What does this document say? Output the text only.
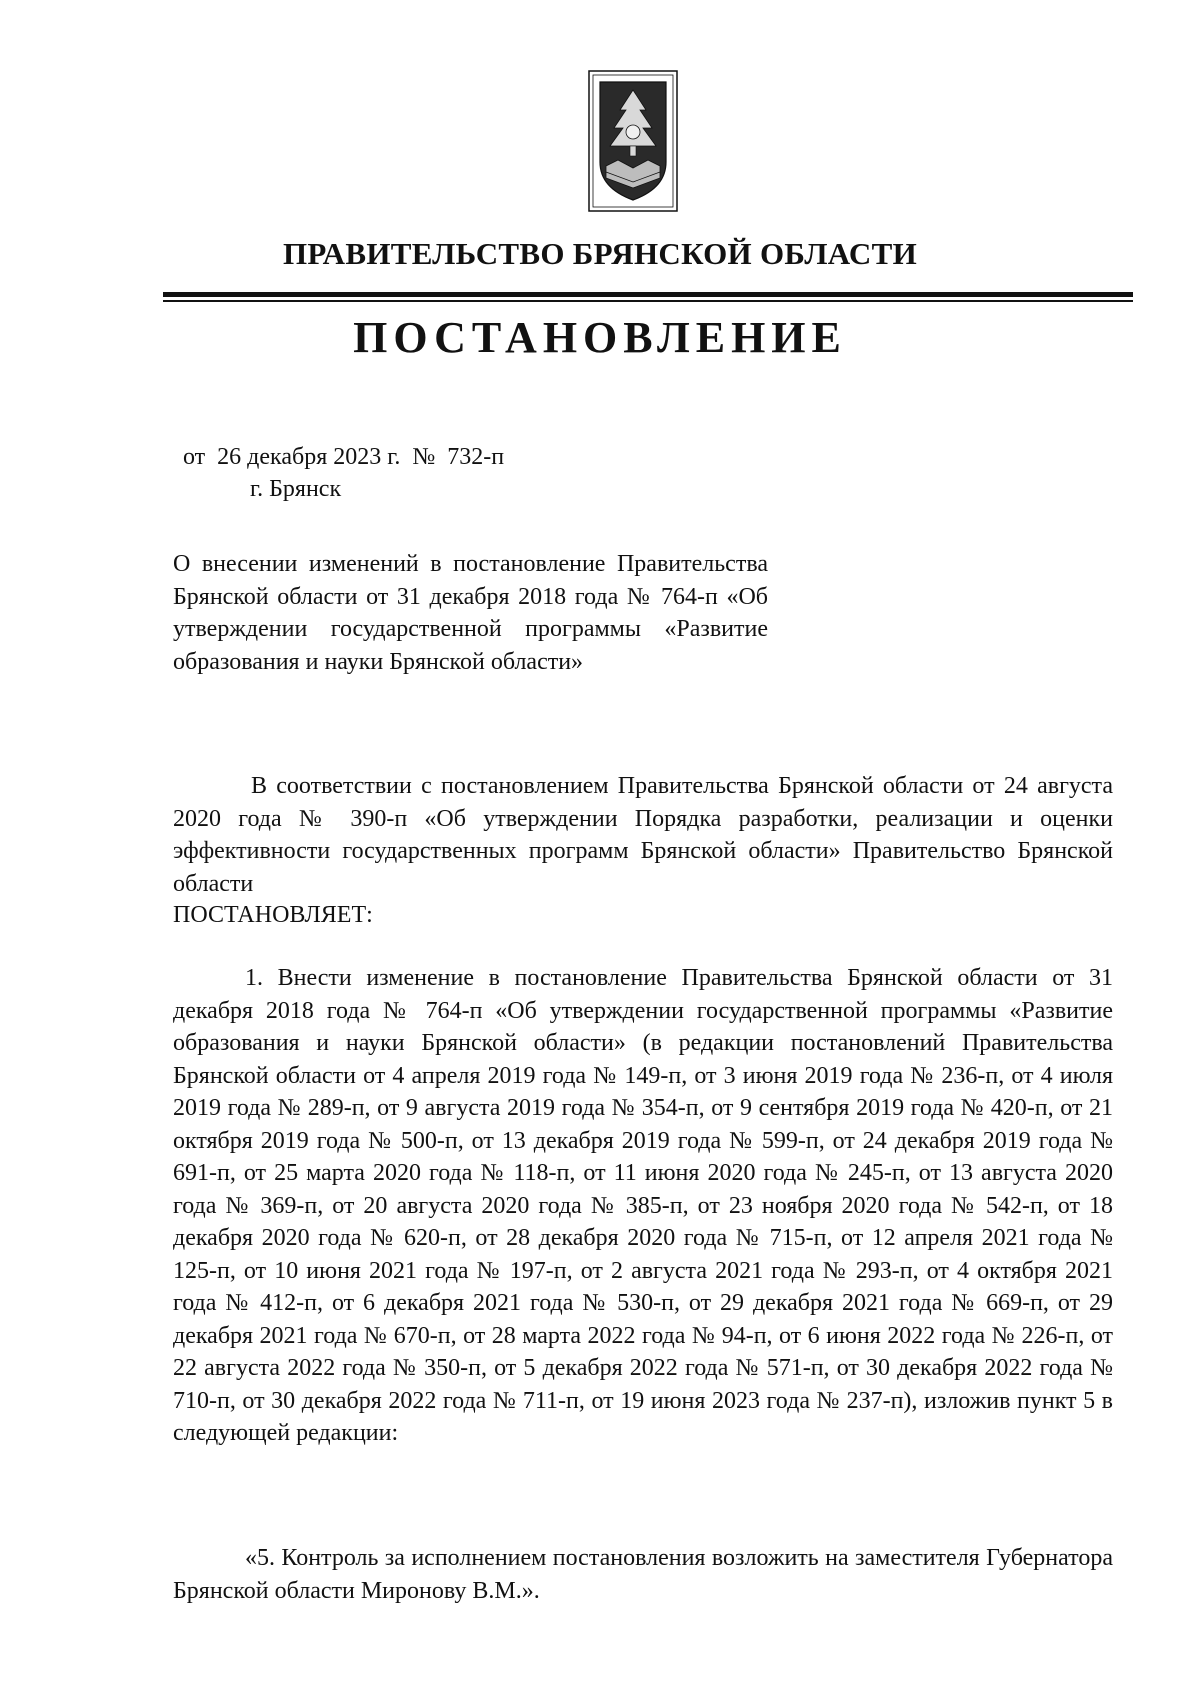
ПРАВИТЕЛЬСТВО БРЯНСКОЙ ОБЛАСТИ
ПОСТАНОВЛЕНИЕ
от  26 декабря 2023 г.  №  732-п
г. Брянск
О внесении изменений в постановление Правительства Брянской области от 31 декабря 2018 года № 764-п «Об утверждении государственной программы «Развитие образования и науки Брянской области»
В соответствии с постановлением Правительства Брянской области от 24 августа 2020 года № 390-п «Об утверждении Порядка разработки, реализации и оценки эффективности государственных программ Брянской области» Правительство Брянской области
ПОСТАНОВЛЯЕТ:
1. Внести изменение в постановление Правительства Брянской области от 31 декабря 2018 года № 764-п «Об утверждении государственной программы «Развитие образования и науки Брянской области» (в редакции постановлений Правительства Брянской области от 4 апреля 2019 года № 149-п, от 3 июня 2019 года № 236-п, от 4 июля 2019 года № 289-п, от 9 августа 2019 года № 354-п, от 9 сентября 2019 года № 420-п, от 21 октября 2019 года № 500-п, от 13 декабря 2019 года № 599-п, от 24 декабря 2019 года № 691-п, от 25 марта 2020 года № 118-п, от 11 июня 2020 года № 245-п, от 13 августа 2020 года № 369-п, от 20 августа 2020 года № 385-п, от 23 ноября 2020 года № 542-п, от 18 декабря 2020 года № 620-п, от 28 декабря 2020 года № 715-п, от 12 апреля 2021 года № 125-п, от 10 июня 2021 года № 197-п, от 2 августа 2021 года № 293-п, от 4 октября 2021 года № 412-п, от 6 декабря 2021 года № 530-п, от 29 декабря 2021 года № 669-п, от 29 декабря 2021 года № 670-п, от 28 марта 2022 года № 94-п, от 6 июня 2022 года № 226-п, от 22 августа 2022 года № 350-п, от 5 декабря 2022 года № 571-п, от 30 декабря 2022 года № 710-п, от 30 декабря 2022 года № 711-п, от 19 июня 2023 года № 237-п), изложив пункт 5 в следующей редакции:
«5. Контроль за исполнением постановления возложить на заместителя Губернатора Брянской области Миронову В.М.».
